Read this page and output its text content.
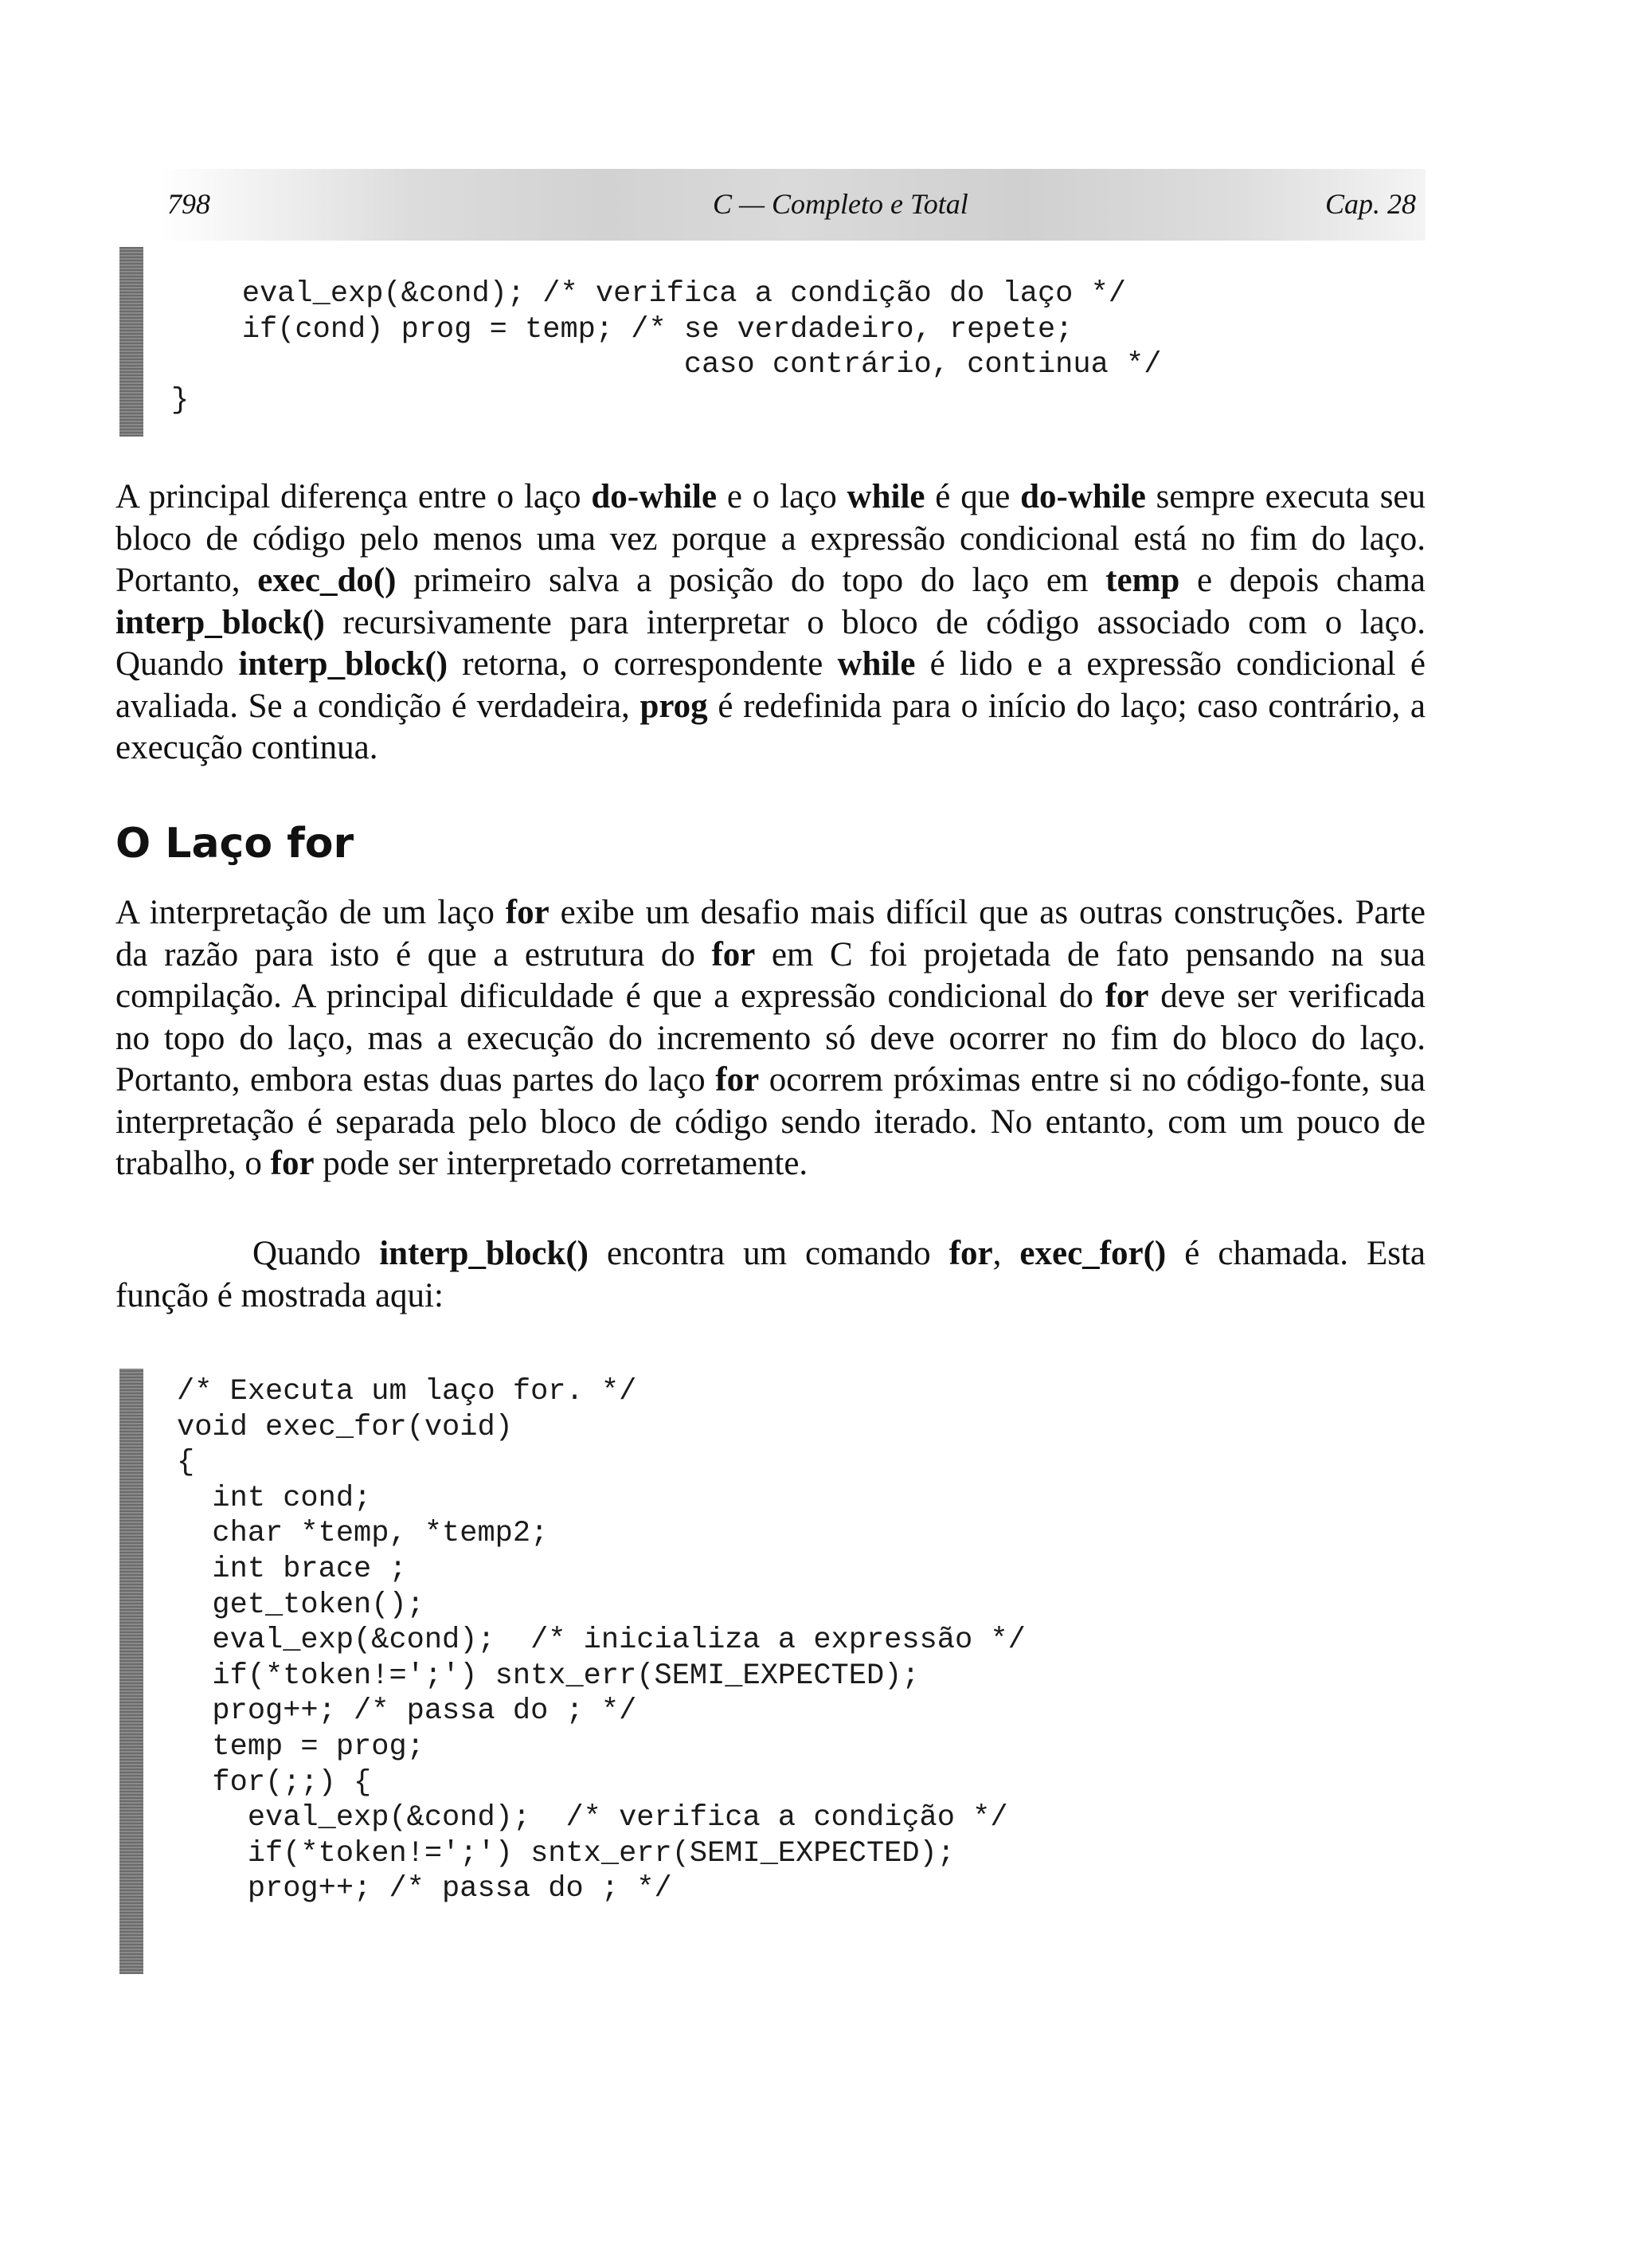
798	C — Completo e Total	Cap. 28
eval_exp(&cond); /* verifica a condição do laço */
if(cond) prog = temp; /* se verdadeiro, repete;
caso contrário, continua */
}

A principal diferença entre o laço do-while e o laço while é que do-while sempre executa seu bloco de código pelo menos uma vez porque a expressão condicional está no fim do laço. Portanto, exec_do() primeiro salva a posição do topo do laço em temp e depois chama interp_block() recursivamente para interpretar o bloco de código associado com o laço. Quando interp_block() retorna, o correspondente while é lido e a expressão condicional é avaliada. Se a condição é verdadeira, prog é redefinida para o início do laço; caso contrário, a execução continua.

O Laço for

A interpretação de um laço for exibe um desafio mais difícil que as outras construções. Parte da razão para isto é que a estrutura do for em C foi projetada de fato pensando na sua compilação. A principal dificuldade é que a expressão condicional do for deve ser verificada no topo do laço, mas a execução do incremento só deve ocorrer no fim do bloco do laço. Portanto, embora estas duas partes do laço for ocorrem próximas entre si no código-fonte, sua interpretação é separada pelo bloco de código sendo iterado. No entanto, com um pouco de trabalho, o for pode ser interpretado corretamente.

Quando interp_block() encontra um comando for, exec_for() é chamada. Esta função é mostrada aqui:

/* Executa um laço for. */
void exec_for(void)
{
int cond;
char *temp, *temp2;
int brace ;
get_token();
eval_exp(&cond);  /* inicializa a expressão */
if(*token!=';') sntx_err(SEMI_EXPECTED);
prog++; /* passa do ; */
temp = prog;
for(;;) {
eval_exp(&cond);  /* verifica a condição */
if(*token!=';') sntx_err(SEMI_EXPECTED);
prog++; /* passa do ; */
